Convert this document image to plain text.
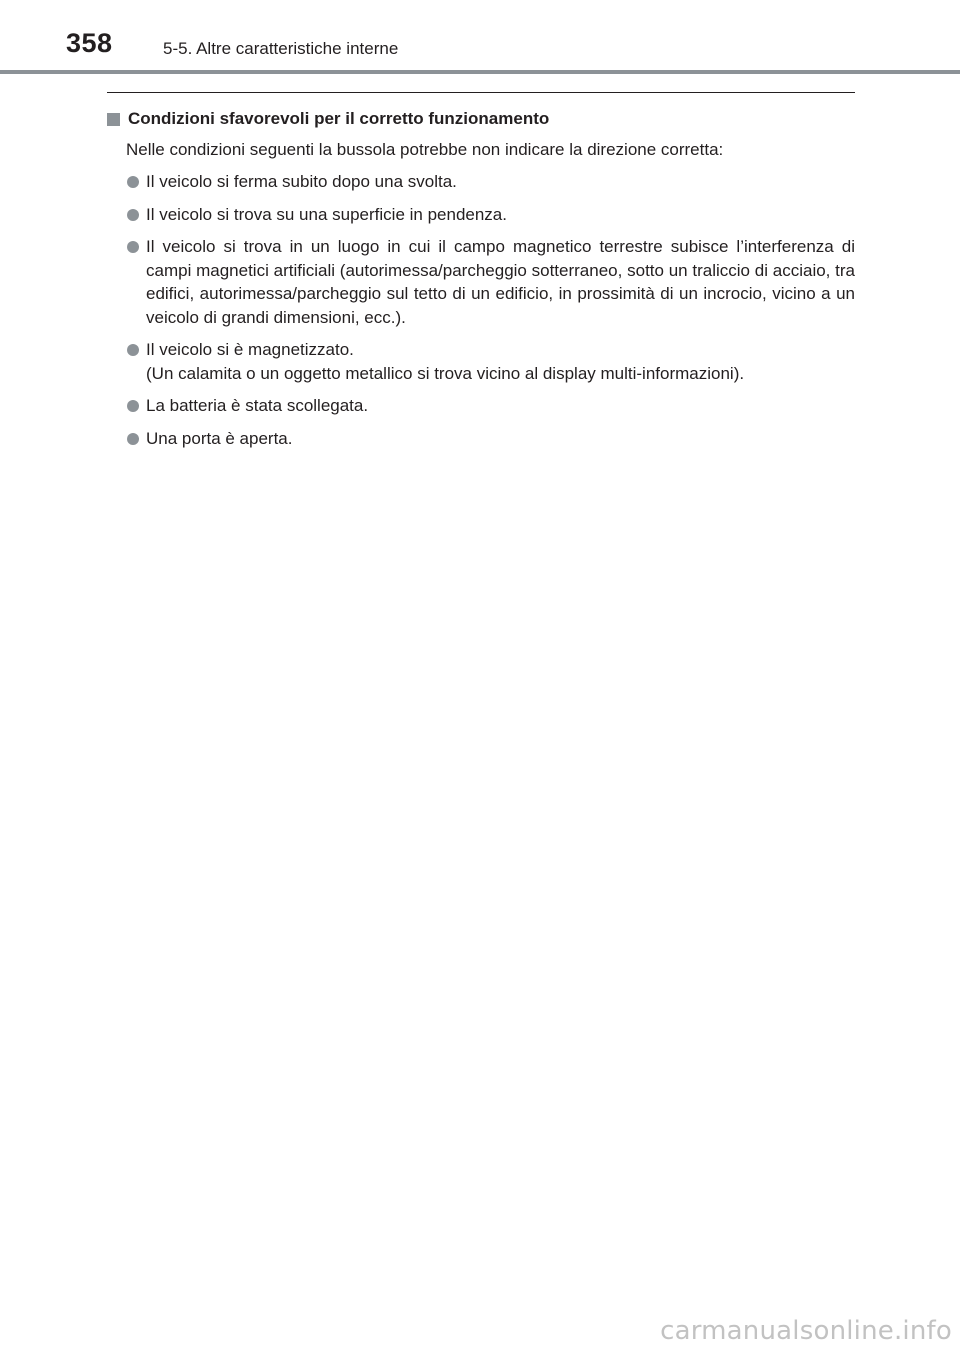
358	5-5. Altre caratteristiche interne
Condizioni sfavorevoli per il corretto funzionamento
Nelle condizioni seguenti la bussola potrebbe non indicare la direzione corretta:
Il veicolo si ferma subito dopo una svolta.
Il veicolo si trova su una superficie in pendenza.
Il veicolo si trova in un luogo in cui il campo magnetico terrestre subisce l’interferenza di campi magnetici artificiali (autorimessa/parcheggio sotterraneo, sotto un traliccio di acciaio, tra edifici, autorimessa/parcheggio sul tetto di un edificio, in prossimità di un incrocio, vicino a un veicolo di grandi dimensioni, ecc.).
Il veicolo si è magnetizzato.
(Un calamita o un oggetto metallico si trova vicino al display multi-informazioni).
La batteria è stata scollegata.
Una porta è aperta.
carmanualsonline.info
